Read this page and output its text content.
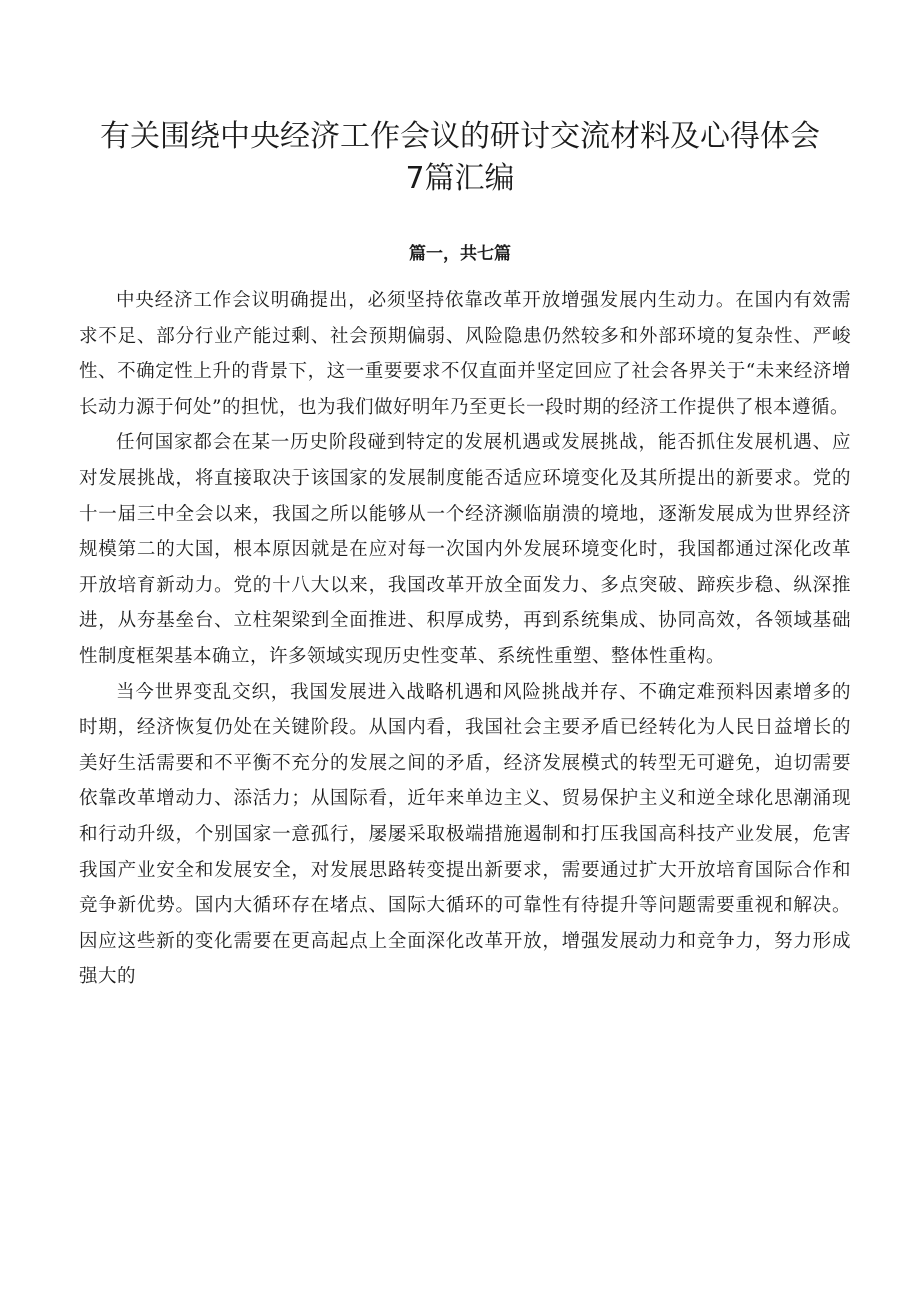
有关围绕中央经济工作会议的研讨交流材料及心得体会7篇汇编
篇一，共七篇

中央经济工作会议明确提出，必须坚持依靠改革开放增强发展内生动力。在国内有效需求不足、部分行业产能过剩、社会预期偏弱、风险隐患仍然较多和外部环境的复杂性、严峻性、不确定性上升的背景下，这一重要要求不仅直面并坚定回应了社会各界关于“未来经济增长动力源于何处”的担忧，也为我们做好明年乃至更长一段时期的经济工作提供了根本遵循。

任何国家都会在某一历史阶段碰到特定的发展机遇或发展挑战，能否抓住发展机遇、应对发展挑战，将直接取决于该国家的发展制度能否适应环境变化及其所提出的新要求。党的十一届三中全会以来，我国之所以能够从一个经济濒临崩溃的境地，逐渐发展成为世界经济规模第二的大国，根本原因就是在应对每一次国内外发展环境变化时，我国都通过深化改革开放培育新动力。党的十八大以来，我国改革开放全面发力、多点突破、蹄疾步稳、纵深推进，从夯基垒台、立柱架梁到全面推进、积厚成势，再到系统集成、协同高效，各领域基础性制度框架基本确立，许多领域实现历史性变革、系统性重塑、整体性重构。

当今世界变乱交织，我国发展进入战略机遇和风险挑战并存、不确定难预料因素增多的时期，经济恢复仍处在关键阶段。从国内看，我国社会主要矛盾已经转化为人民日益增长的美好生活需要和不平衡不充分的发展之间的矛盾，经济发展模式的转型无可避免，迫切需要依靠改革增动力、添活力；从国际看，近年来单边主义、贸易保护主义和逆全球化思潮涌现和行动升级，个别国家一意孤行，屡屡采取极端措施遏制和打压我国高科技产业发展，危害我国产业安全和发展安全，对发展思路转变提出新要求，需要通过扩大开放培育国际合作和竞争新优势。国内大循环存在堵点、国际大循环的可靠性有待提升等问题需要重视和解决。因应这些新的变化需要在更高起点上全面深化改革开放，增强发展动力和竞争力，努力形成强大的
